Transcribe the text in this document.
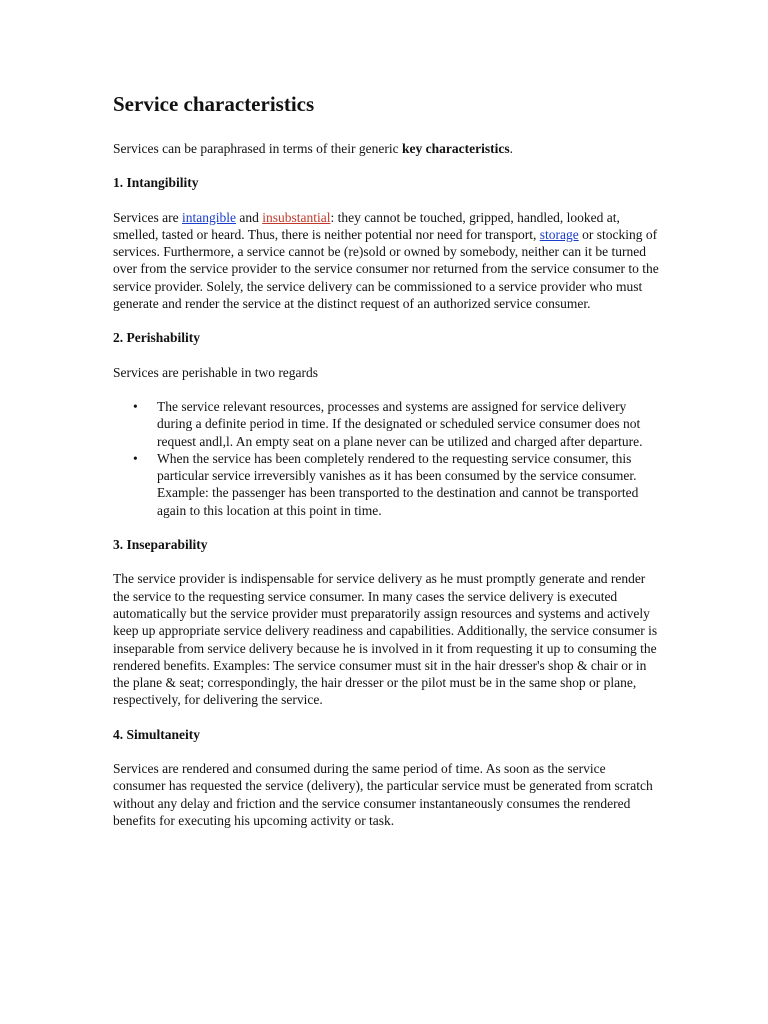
Service characteristics

Services can be paraphrased in terms of their generic key characteristics.

1. Intangibility

Services are intangible and insubstantial: they cannot be touched, gripped, handled, looked at, smelled, tasted or heard. Thus, there is neither potential nor need for transport, storage or stocking of services. Furthermore, a service cannot be (re)sold or owned by somebody, neither can it be turned over from the service provider to the service consumer nor returned from the service consumer to the service provider. Solely, the service delivery can be commissioned to a service provider who must generate and render the service at the distinct request of an authorized service consumer.

2. Perishability

Services are perishable in two regards

•	The service relevant resources, processes and systems are assigned for service delivery during a definite period in time. If the designated or scheduled service consumer does not request andl,l. An empty seat on a plane never can be utilized and charged after departure.
•	When the service has been completely rendered to the requesting service consumer, this particular service irreversibly vanishes as it has been consumed by the service consumer. Example: the passenger has been transported to the destination and cannot be transported again to this location at this point in time.
3. Inseparability

The service provider is indispensable for service delivery as he must promptly generate and render the service to the requesting service consumer. In many cases the service delivery is executed automatically but the service provider must preparatorily assign resources and systems and actively keep up appropriate service delivery readiness and capabilities. Additionally, the service consumer is inseparable from service delivery because he is involved in it from requesting it up to consuming the rendered benefits. Examples: The service consumer must sit in the hair dresser's shop & chair or in the plane & seat; correspondingly, the hair dresser or the pilot must be in the same shop or plane, respectively, for delivering the service.

4. Simultaneity

Services are rendered and consumed during the same period of time. As soon as the service consumer has requested the service (delivery), the particular service must be generated from scratch without any delay and friction and the service consumer instantaneously consumes the rendered benefits for executing his upcoming activity or task.
